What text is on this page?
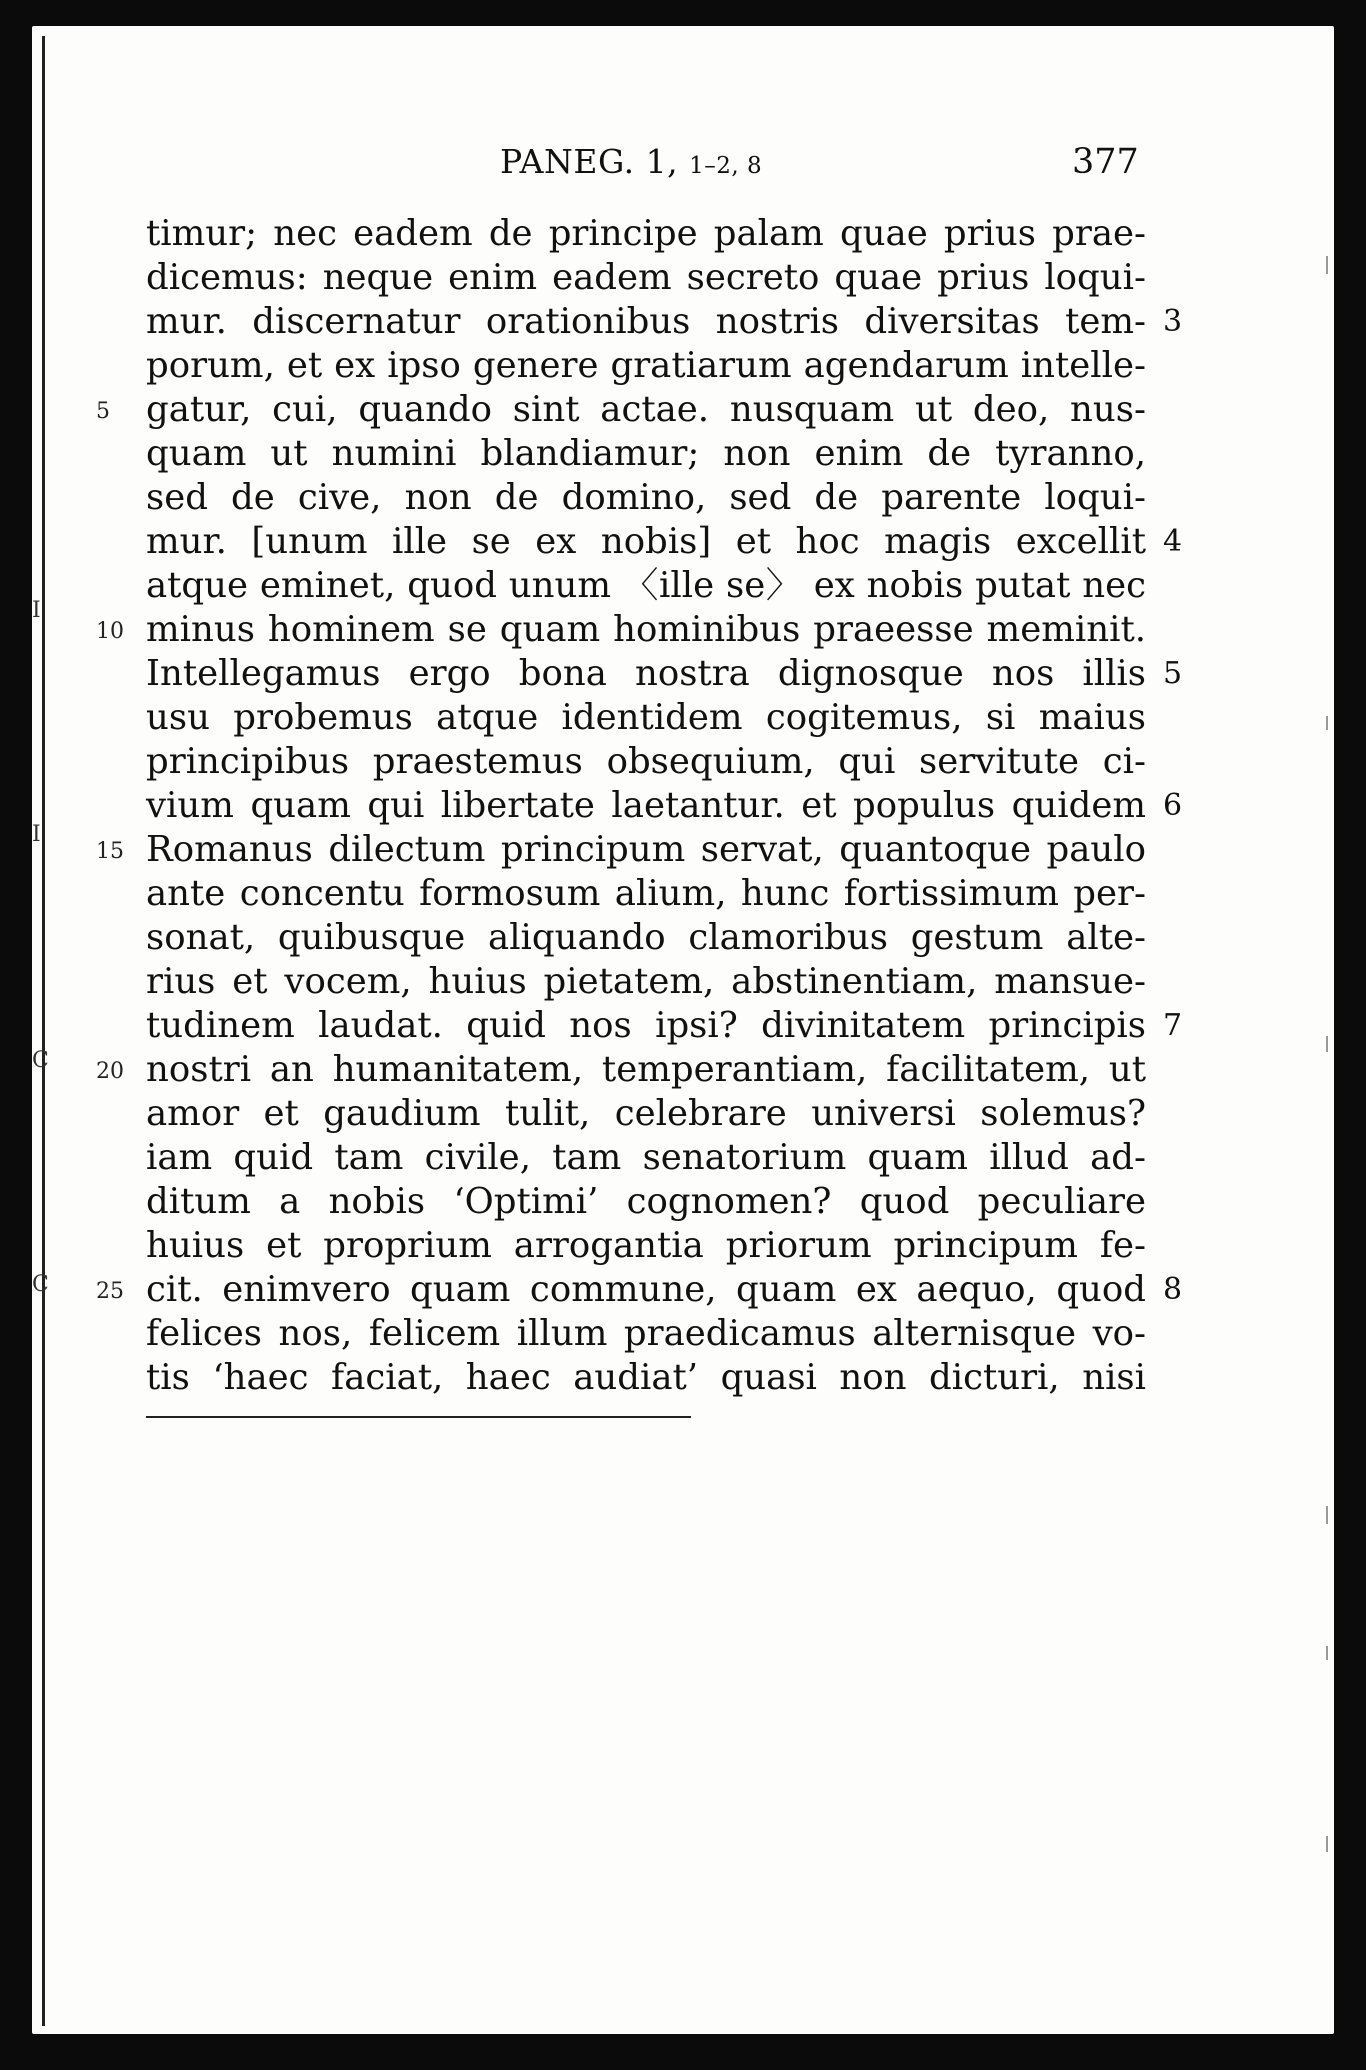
I
I
C
C
PANEG. 1, 1–2, 8	377
timur; nec eadem de principe palam quae prius prae-
dicemus: neque enim eadem secreto quae prius loqui-
mur. discernatur orationibus nostris diversitas tem- 3
porum, et ex ipso genere gratiarum agendarum intelle-
gatur, cui, quando sint actae. nusquam ut deo, nus-
5
quam ut numini blandiamur; non enim de tyranno,
sed de cive, non de domino, sed de parente loqui-
mur. [unum ille se ex nobis] et hoc magis excellit 4
atque eminet, quod unum 〈ille se〉 ex nobis putat nec
minus hominem se quam hominibus praeesse meminit.
10
Intellegamus ergo bona nostra dignosque nos illis 5
usu probemus atque identidem cogitemus, si maius
principibus praestemus obsequium, qui servitute ci-
vium quam qui libertate laetantur. et populus quidem 6
Romanus dilectum principum servat, quantoque paulo
15
ante concentu formosum alium, hunc fortissimum per-
sonat, quibusque aliquando clamoribus gestum alte-
rius et vocem, huius pietatem, abstinentiam, mansue-
tudinem laudat. quid nos ipsi? divinitatem principis 7
nostri an humanitatem, temperantiam, facilitatem, ut
20
amor et gaudium tulit, celebrare universi solemus?
iam quid tam civile, tam senatorium quam illud ad-
ditum a nobis ‘Optimi’ cognomen? quod peculiare
huius et proprium arrogantia priorum principum fe-
cit. enimvero quam commune, quam ex aequo, quod
25	8
felices nos, felicem illum praedicamus alternisque vo-
tis ‘haec faciat, haec audiat’ quasi non dicturi, nisi
